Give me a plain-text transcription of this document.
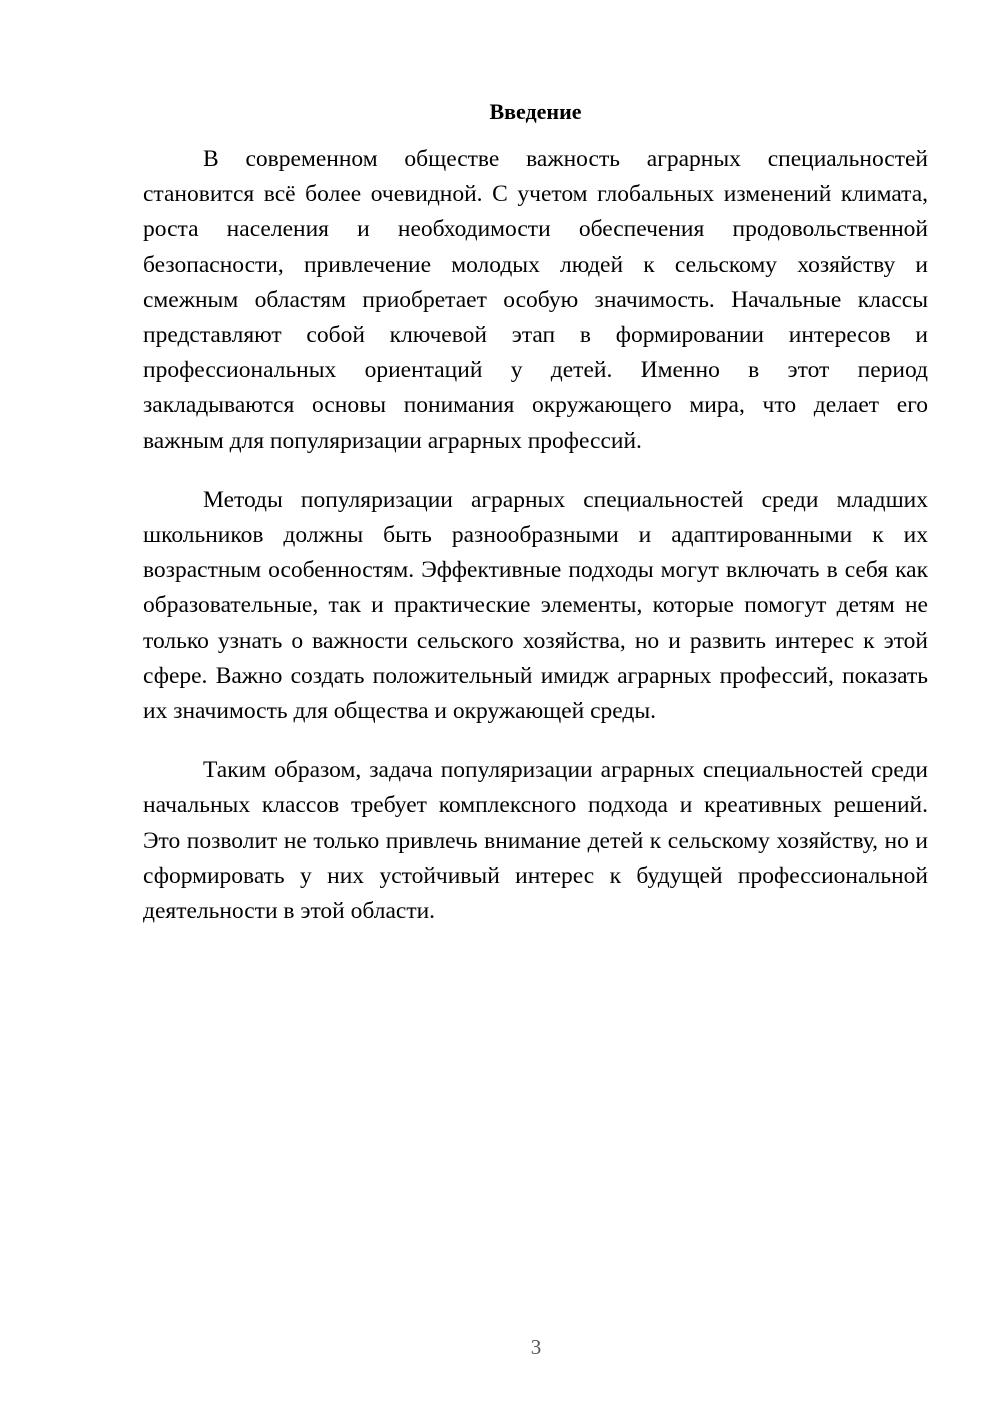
Введение

В современном обществе важность аграрных специальностей становится всё более очевидной. С учетом глобальных изменений климата, роста населения и необходимости обеспечения продовольственной безопасности, привлечение молодых людей к сельскому хозяйству и смежным областям приобретает особую значимость. Начальные классы представляют собой ключевой этап в формировании интересов и профессиональных ориентаций у детей. Именно в этот период закладываются основы понимания окружающего мира, что делает его важным для популяризации аграрных профессий.

Методы популяризации аграрных специальностей среди младших школьников должны быть разнообразными и адаптированными к их возрастным особенностям. Эффективные подходы могут включать в себя как образовательные, так и практические элементы, которые помогут детям не только узнать о важности сельского хозяйства, но и развить интерес к этой сфере. Важно создать положительный имидж аграрных профессий, показать их значимость для общества и окружающей среды.

Таким образом, задача популяризации аграрных специальностей среди начальных классов требует комплексного подхода и креативных решений. Это позволит не только привлечь внимание детей к сельскому хозяйству, но и сформировать у них устойчивый интерес к будущей профессиональной деятельности в этой области.

3
